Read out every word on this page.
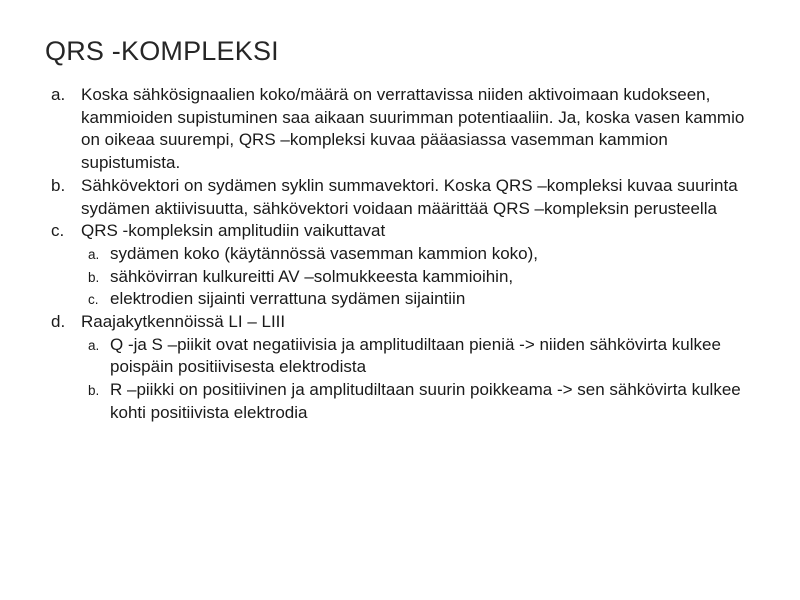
QRS -KOMPLEKSI
a. Koska sähkösignaalien koko/määrä on verrattavissa niiden aktivoimaan kudokseen, kammioiden supistuminen saa aikaan suurimman potentiaaliin. Ja, koska vasen kammio on oikeaa suurempi, QRS –kompleksi kuvaa pääasiassa vasemman kammion supistumista.
b. Sähkövektori on sydämen syklin summavektori. Koska QRS –kompleksi kuvaa suurinta sydämen aktiivisuutta, sähkövektori voidaan määrittää QRS –kompleksin perusteella
c. QRS -kompleksin amplitudiin vaikuttavat
a. sydämen koko (käytännössä vasemman kammion koko),
b. sähkövirran kulkureitti AV –solmukkeesta kammioihin,
c. elektrodien sijainti verrattuna sydämen sijaintiin
d. Raajakytkennöissä LI – LIII
a. Q -ja S –piikit ovat negatiivisia ja amplitudiltaan pieniä -> niiden sähkövirta kulkee poispäin positiivisesta elektrodista
b. R –piikki on positiivinen ja amplitudiltaan suurin poikkeama -> sen sähkövirta kulkee kohti positiivista elektrodia
